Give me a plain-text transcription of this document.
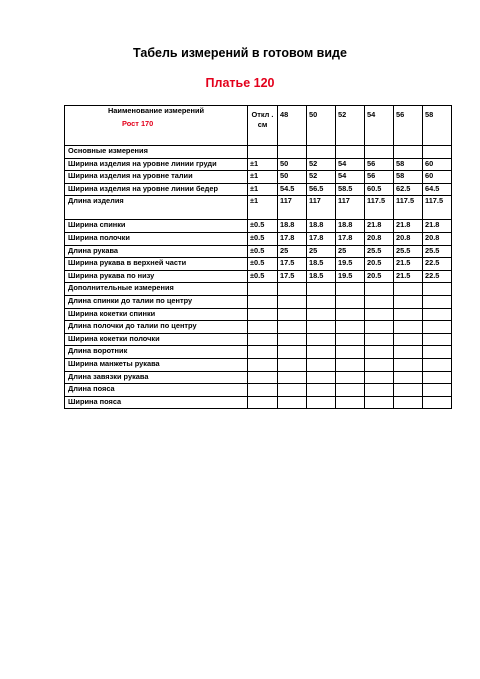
Табель измерений в готовом виде
Платье 120
Наименование измерений
Рост 170	Откл . см	48	50	52	54	56	58
Основные измерения							
Ширина изделия на уровне линии груди	±1	50	52	54	56	58	60
Ширина изделия на уровне талии	±1	50	52	54	56	58	60
Ширина изделия на уровне линии бедер	±1	54.5	56.5	58.5	60.5	62.5	64.5
Длина изделия	±1	117	117	117	117.5	117.5	117.5
Ширина спинки	±0.5	18.8	18.8	18.8	21.8	21.8	21.8
Ширина полочки	±0.5	17.8	17.8	17.8	20.8	20.8	20.8
Длина рукава	±0.5	25	25	25	25.5	25.5	25.5
Ширина рукава в верхней части	±0.5	17.5	18.5	19.5	20.5	21.5	22.5
Ширина рукава по низу	±0.5	17.5	18.5	19.5	20.5	21.5	22.5
Дополнительные измерения							
Длина спинки до талии по центру							
Ширина кокетки спинки							
Длина полочки до талии по центру							
Ширина кокетки полочки							
Длина воротник							
Ширина манжеты рукава							
Длина завязки рукава							
Длина пояса							
Ширина пояса							
